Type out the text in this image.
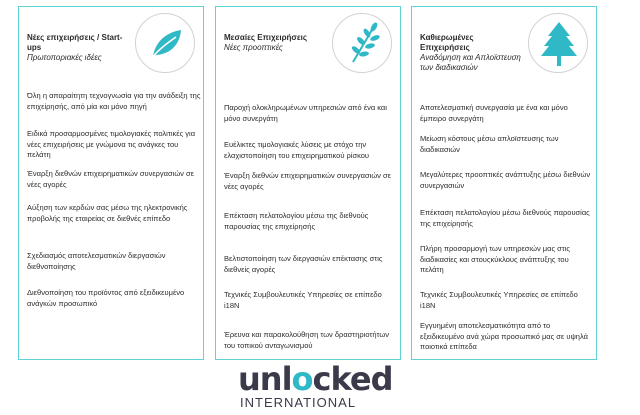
Νέες επιχειρήσεις / Start-ups
Πρωτοποριακές ιδέες
Όλη η απαραίτητη τεχνογνωσία για την ανάδειξη της επιχείρησής, από μία και μόνο πηγή
Ειδικά προσαρμοσμένες τιμολογιακές πολιτικές για νέες επιχειρήσεις με γνώμονα τις ανάγκες του πελάτη
Έναρξη διεθνών επιχειρηματικών συνεργασιών σε νέες αγορές
Αύξηση των κερδών σας μέσω της ηλεκτρονικής προβολής της εταιρείας σε διεθνές επίπεδο
Σχεδιασμός αποτελεσματικών διεργασιών διεθνοποίησης
Διεθνοποίηση του προϊόντος από εξειδικευμένο ανάγκών προσωπικό
Μεσαίες Επιχειρήσεις
Νέες προοπτικές
Παροχή ολοκληρωμένων υπηρεσιών από ένα και μόνο συνεργάτη
Ευέλικτες τιμολογιακές λύσεις με στόχο την ελαχιστοποίηση του επιχειρηματικού ρίσκου
Έναρξη διεθνών επιχειρηματικών συνεργασιών σε νέες αγορές
Επέκταση πελατολογίου μέσω της διεθνούς παρουσίας της επιχείρησής
Βελτιστοποίηση των διεργασιών επέκτασης στις διεθνείς αγορές
Τεχνικές Συμβουλευτικές Υπηρεσίες σε επίπεδο i18N
Έρευνα και παρακολούθηση των δραστηριοτήτων του τοπικού ανταγωνισμού
Καθιερωμένες Επιχειρήσεις
Αναδόμηση και Απλοϊστευση των διαδικασιών
Αποτελεσματική συνεργασία με ένα και μόνο έμπειρο συνεργάτη
Μείωση κόστους μέσω απλοϊστευσης των διαδικασιών
Μεγαλύτερες προοπτικές ανάπτυξης μέσω διεθνών συνεργασιών
Επέκταση πελατολογίου μέσω διεθνούς παρουσίας της επιχείρησής
Πλήρη προσαρμογή των υπηρεσιών μας στις διαδικασίες και στουςκύκλους ανάπτυξης του πελάτη
Τεχνικές Συμβουλευτικές Υπηρεσίες σε επίπεδο i18N
Εγγυημένη αποτελεσματικότητα από το εξειδικευμένο ανά χώρα προσωπικό μας σε υψηλά ποιοτικά επίπεδα
unlocked
INTERNATIONAL
